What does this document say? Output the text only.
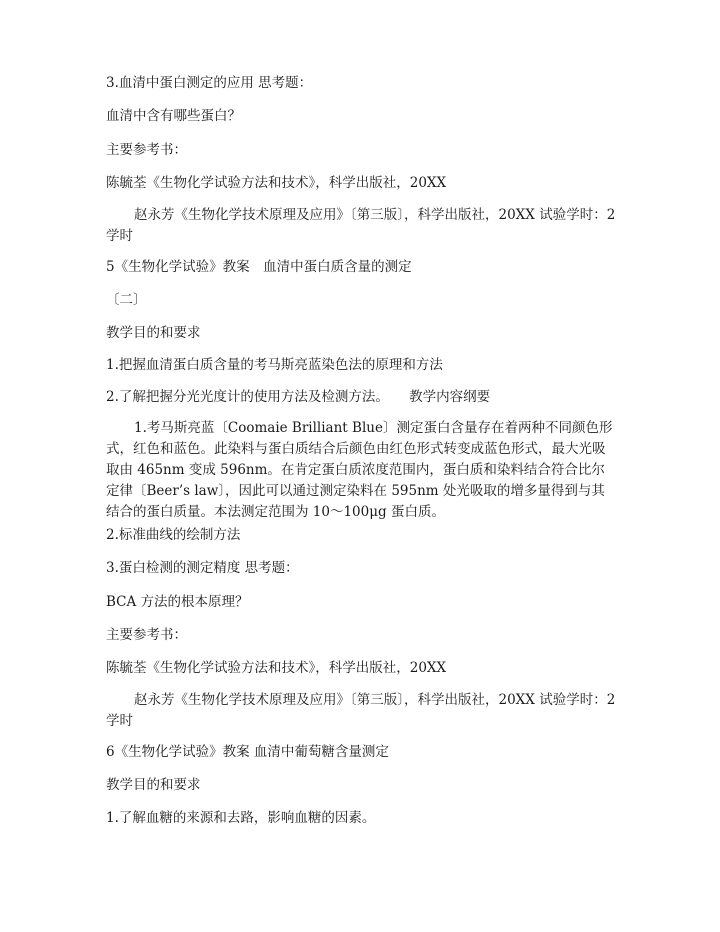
3.血清中蛋白测定的应用 思考题：

血清中含有哪些蛋白？

主要参考书：

陈毓荃《生物化学试验方法和技术》，科学出版社，20XX

赵永芳《生物化学技术原理及应用》〔第三版〕，科学出版社，20XX 试验学时：2 学时

5《生物化学试验》教案　血清中蛋白质含量的测定

〔二〕

教学目的和要求

1.把握血清蛋白质含量的考马斯亮蓝染色法的原理和方法

2.了解把握分光光度计的使用方法及检测方法。　　教学内容纲要

1.考马斯亮蓝〔Coomaie Brilliant Blue〕测定蛋白含量存在着两种不同颜色形式，红色和蓝色。此染料与蛋白质结合后颜色由红色形式转变成蓝色形式，最大光吸取由 465nm 变成 596nm。在肯定蛋白质浓度范围内，蛋白质和染料结合符合比尔定律〔Beer’s law〕，因此可以通过测定染料在 595nm 处光吸取的增多量得到与其结合的蛋白质量。本法测定范围为 10～100μg 蛋白质。

2.标准曲线的绘制方法

3.蛋白检测的测定精度 思考题：

BCA 方法的根本原理？

主要参考书：

陈毓荃《生物化学试验方法和技术》，科学出版社，20XX

赵永芳《生物化学技术原理及应用》〔第三版〕，科学出版社，20XX 试验学时：2 学时

6《生物化学试验》教案 血清中葡萄糖含量测定

教学目的和要求

1.了解血糖的来源和去路，影响血糖的因素。
